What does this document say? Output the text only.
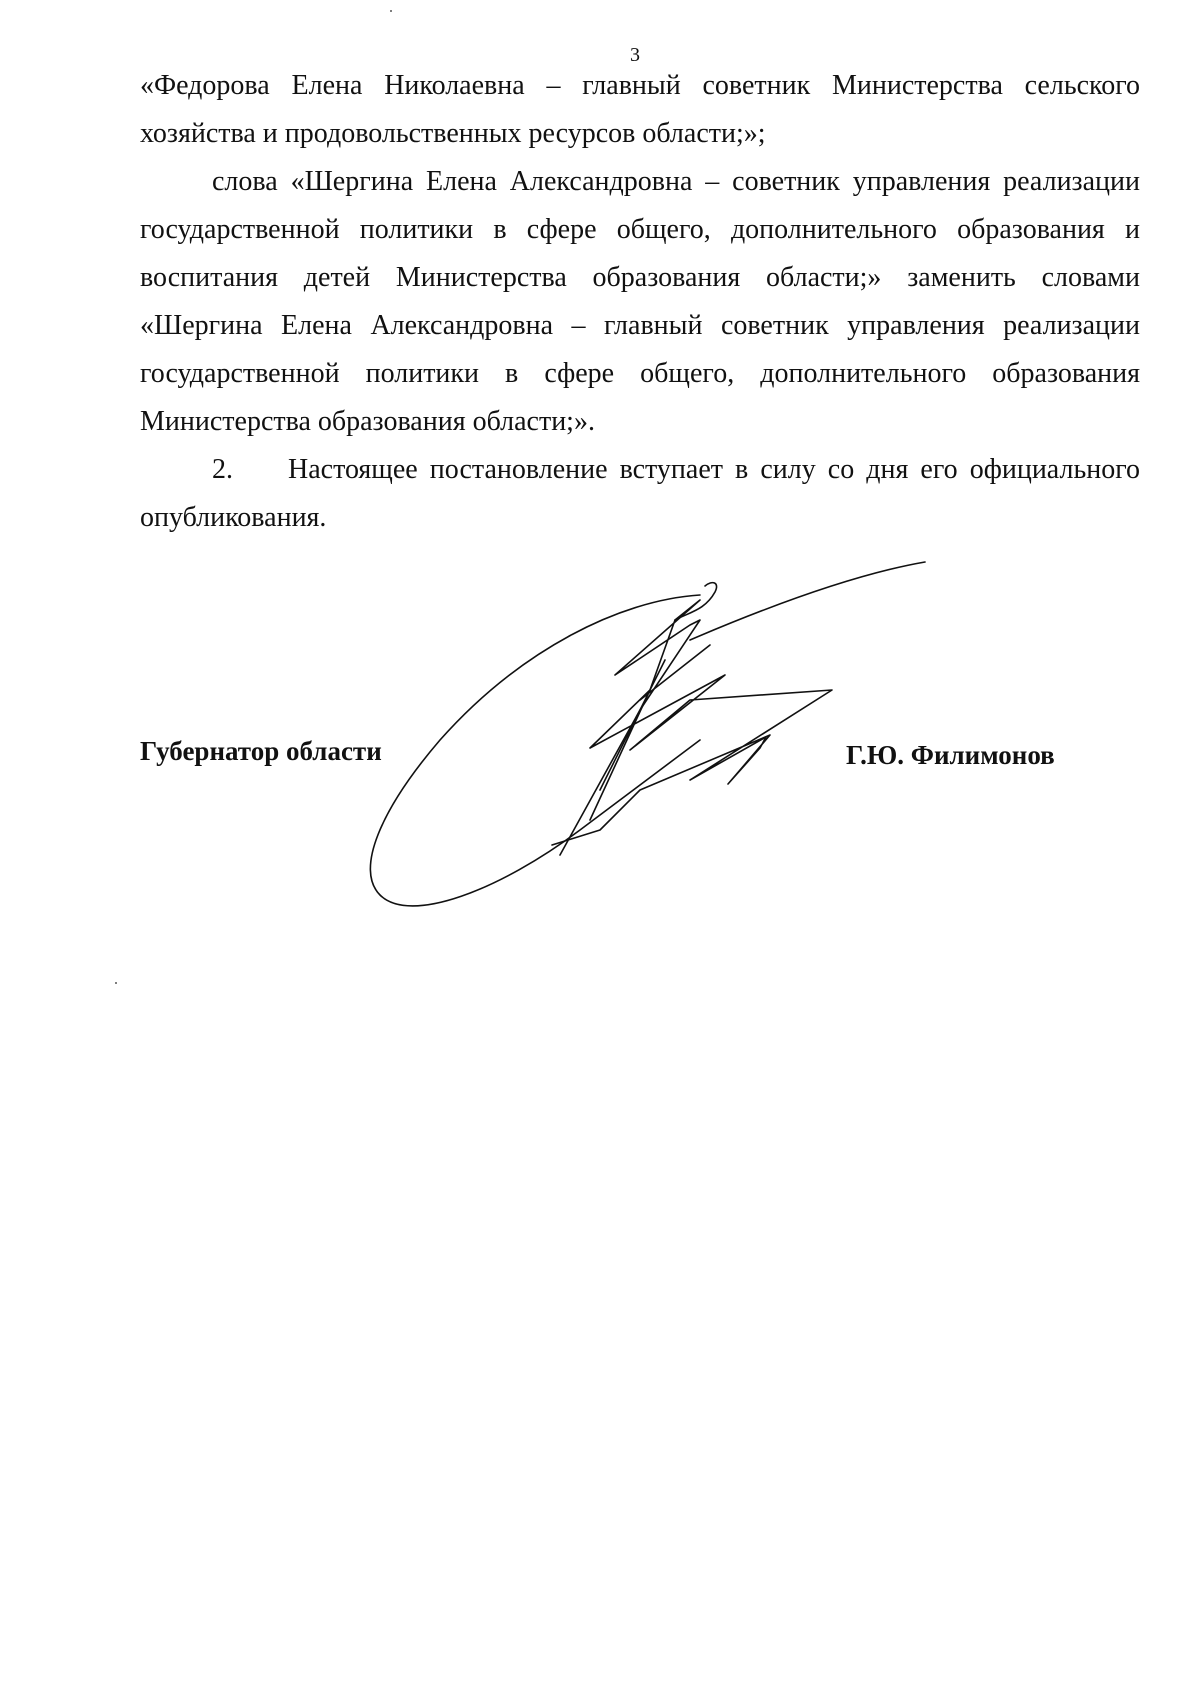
3

«Федорова Елена Николаевна – главный советник Министерства сельского хозяйства и продовольственных ресурсов области;»;

слова «Шергина Елена Александровна – советник управления реализации государственной политики в сфере общего, дополнительного образования и воспитания детей Министерства образования области;» заменить словами «Шергина Елена Александровна – главный советник управления реализации государственной политики в сфере общего, дополнительного образования Министерства образования области;».

2. Настоящее постановление вступает в силу со дня его официального опубликования.

Губернатор области	Г.Ю. Филимонов
